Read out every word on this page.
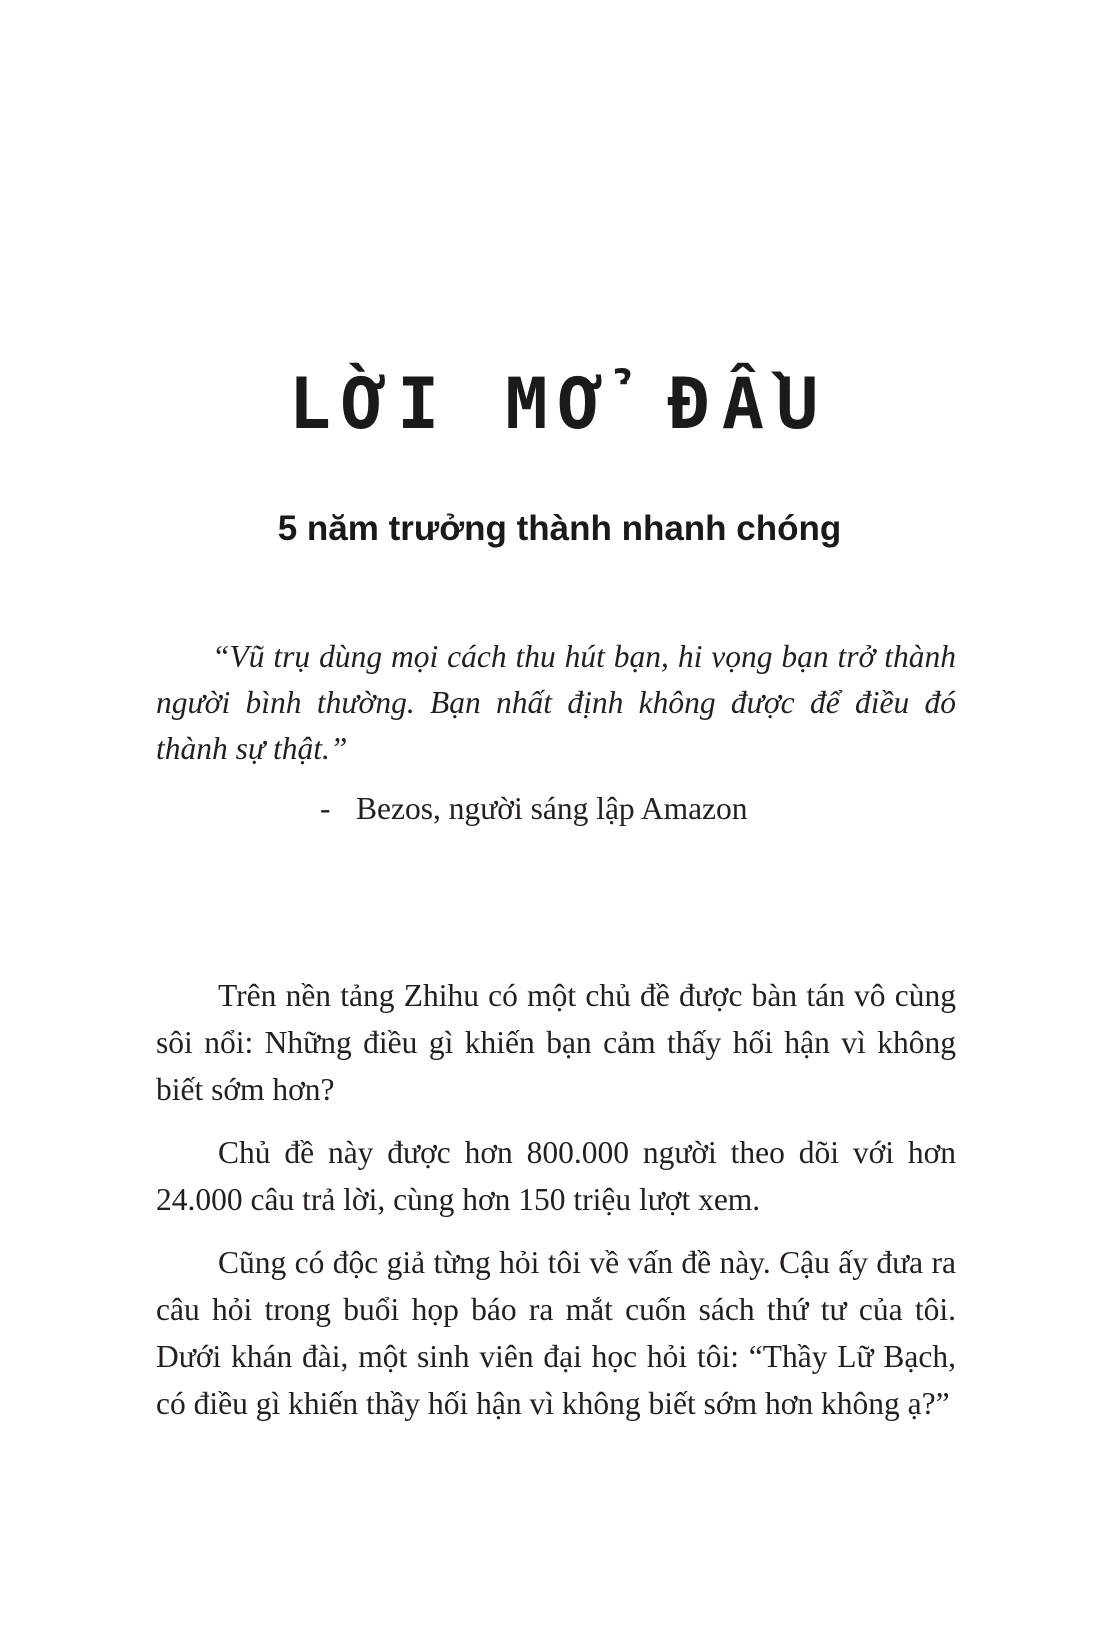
LỜI MỞ ĐẦU
5 năm trưởng thành nhanh chóng

“Vũ trụ dùng mọi cách thu hút bạn, hi vọng bạn trở thành người bình thường. Bạn nhất định không được để điều đó thành sự thật.”

- Bezos, người sáng lập Amazon

Trên nền tảng Zhihu có một chủ đề được bàn tán vô cùng sôi nổi: Những điều gì khiến bạn cảm thấy hối hận vì không biết sớm hơn?

Chủ đề này được hơn 800.000 người theo dõi với hơn 24.000 câu trả lời, cùng hơn 150 triệu lượt xem.

Cũng có độc giả từng hỏi tôi về vấn đề này. Cậu ấy đưa ra câu hỏi trong buổi họp báo ra mắt cuốn sách thứ tư của tôi. Dưới khán đài, một sinh viên đại học hỏi tôi: “Thầy Lữ Bạch, có điều gì khiến thầy hối hận vì không biết sớm hơn không ạ?”
